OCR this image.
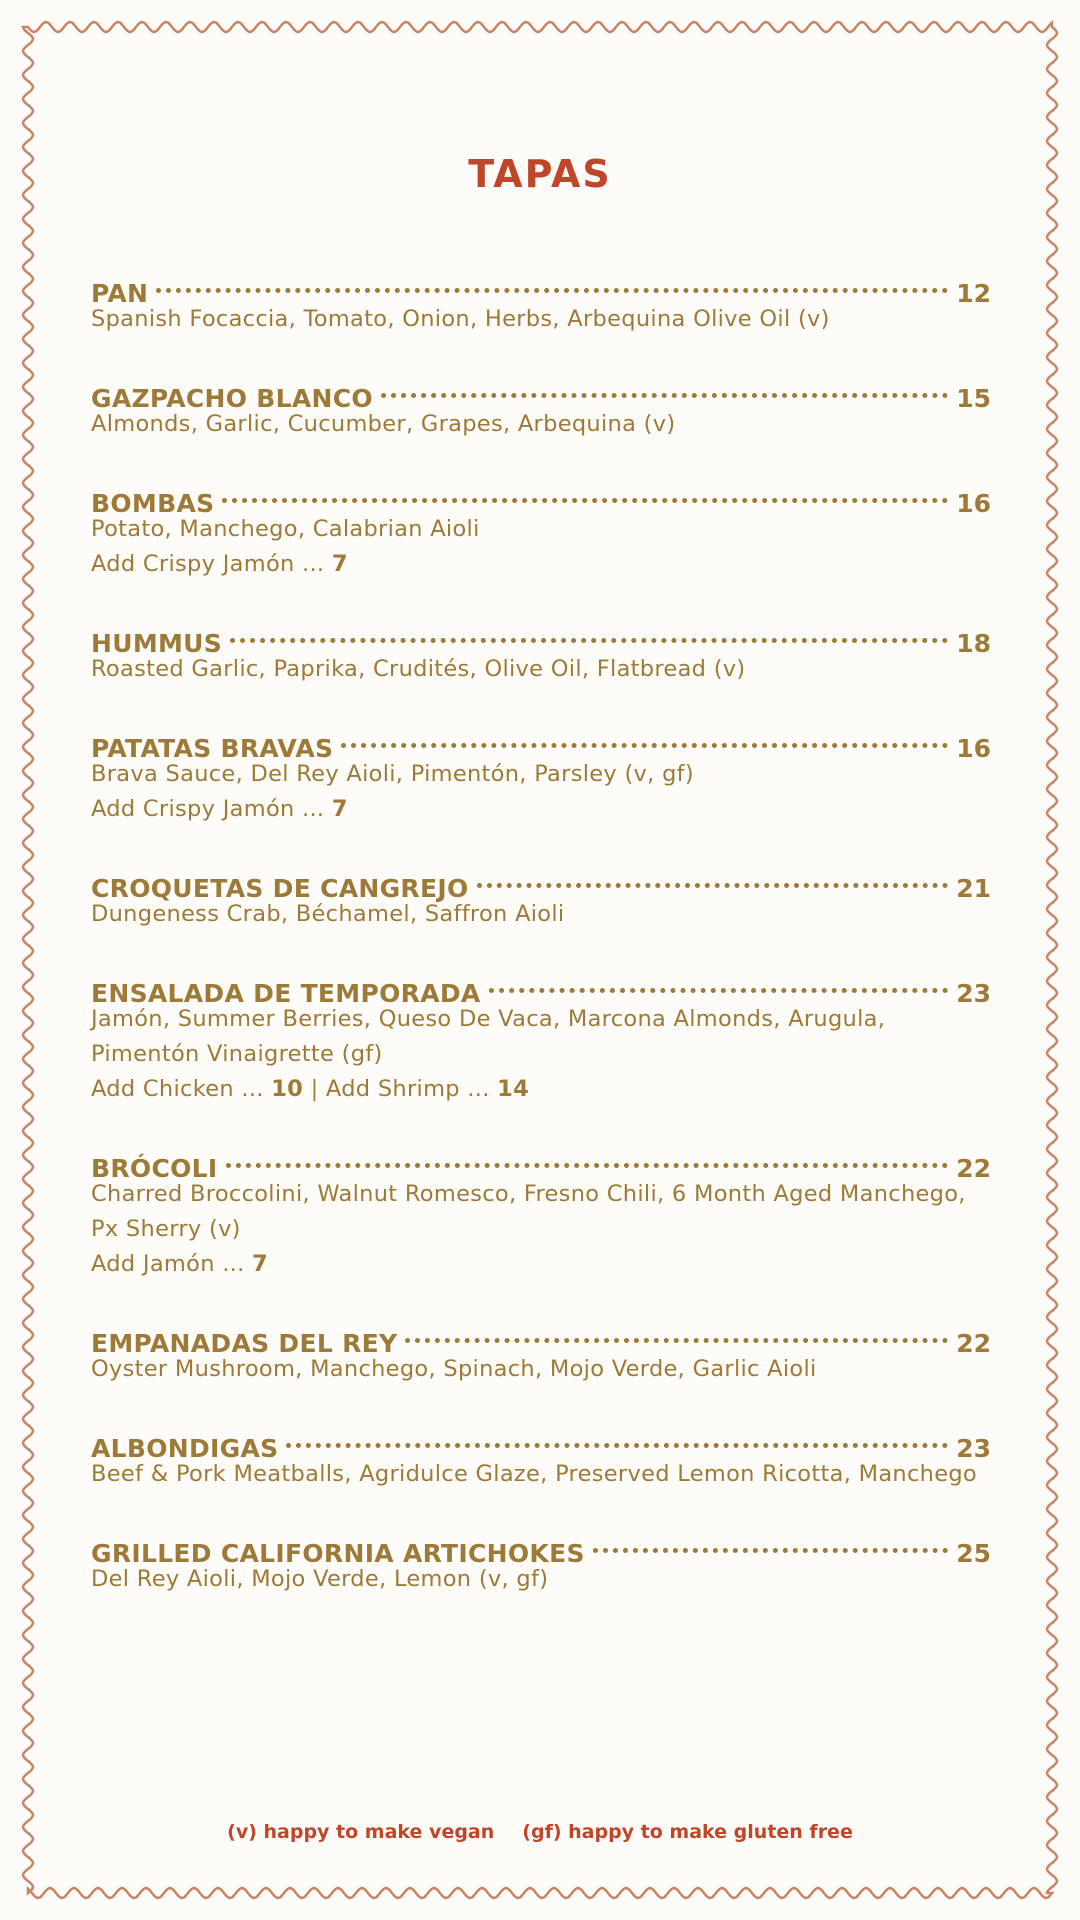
TAPAS
PAN	12

Spanish Focaccia, Tomato, Onion, Herbs, Arbequina Olive Oil (v)

GAZPACHO BLANCO	15

Almonds, Garlic, Cucumber, Grapes, Arbequina (v)

BOMBAS	16

Potato, Manchego, Calabrian Aioli

Add Crispy Jamón ... 7

HUMMUS	18

Roasted Garlic, Paprika, Crudités, Olive Oil, Flatbread (v)

PATATAS BRAVAS	16

Brava Sauce, Del Rey Aioli, Pimentón, Parsley (v, gf)

Add Crispy Jamón ... 7

CROQUETAS DE CANGREJO	21

Dungeness Crab, Béchamel, Saffron Aioli

ENSALADA DE TEMPORADA	23

Jamón, Summer Berries, Queso De Vaca, Marcona Almonds, Arugula,

Pimentón Vinaigrette (gf)

Add Chicken ... 10 | Add Shrimp ... 14

BRÓCOLI	22

Charred Broccolini, Walnut Romesco, Fresno Chili, 6 Month Aged Manchego,

Px Sherry (v)

Add Jamón ... 7

EMPANADAS DEL REY	22

Oyster Mushroom, Manchego, Spinach, Mojo Verde, Garlic Aioli

ALBONDIGAS	23

Beef & Pork Meatballs, Agridulce Glaze, Preserved Lemon Ricotta, Manchego

GRILLED CALIFORNIA ARTICHOKES	25

Del Rey Aioli, Mojo Verde, Lemon (v, gf)

(v) happy to make vegan (gf) happy to make gluten free
